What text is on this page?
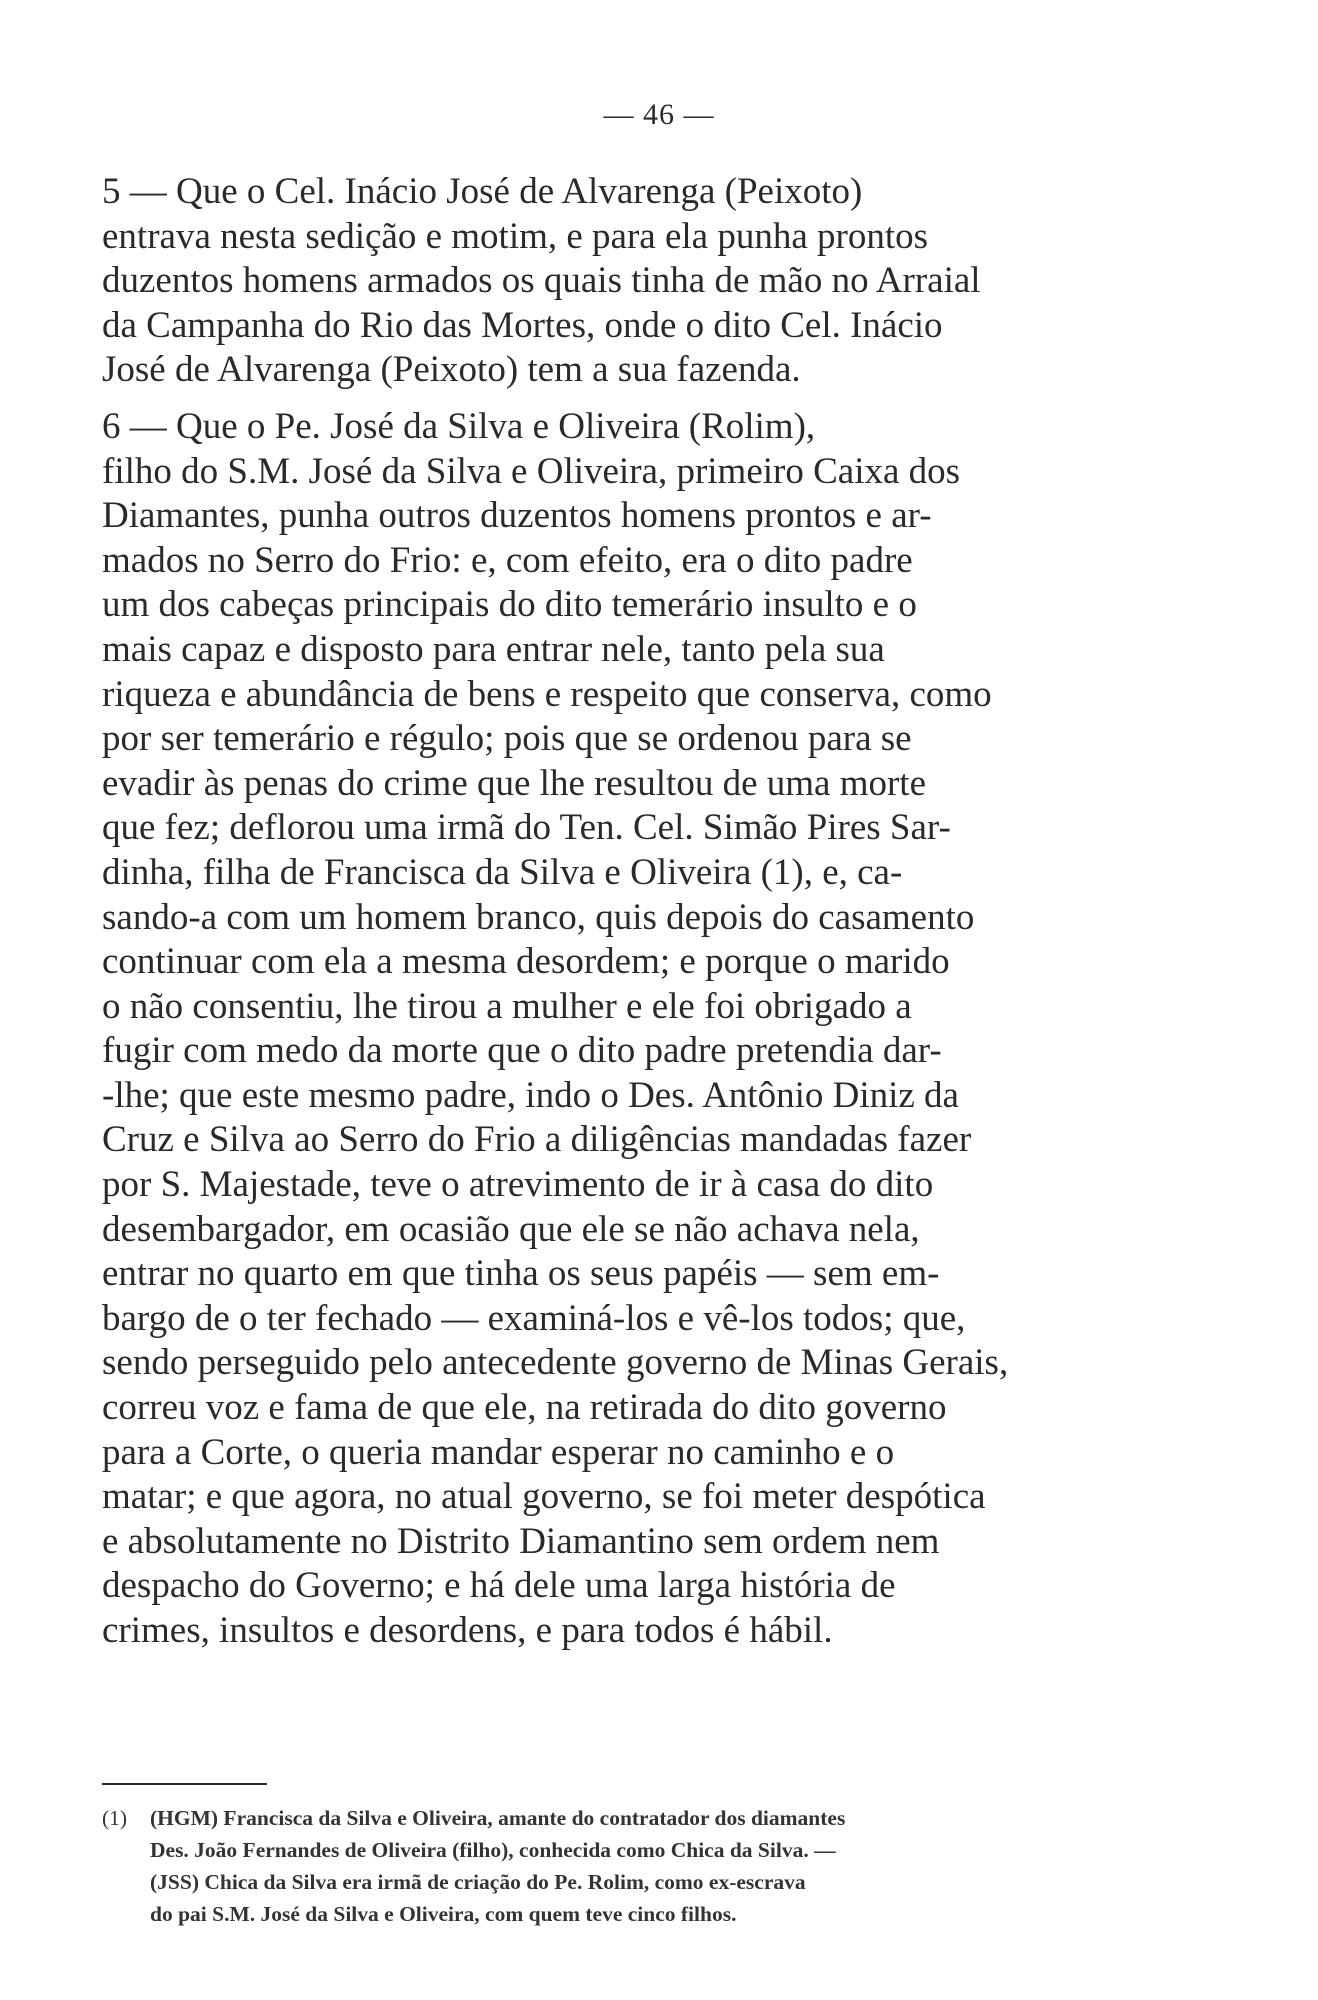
— 46 —
5 — Que o Cel. Inácio José de Alvarenga (Peixoto)
entrava nesta sedição e motim, e para ela punha prontos
duzentos homens armados os quais tinha de mão no Arraial
da Campanha do Rio das Mortes, onde o dito Cel. Inácio
José de Alvarenga (Peixoto) tem a sua fazenda.
6 — Que o Pe. José da Silva e Oliveira (Rolim),
filho do S.M. José da Silva e Oliveira, primeiro Caixa dos
Diamantes, punha outros duzentos homens prontos e ar-
mados no Serro do Frio: e, com efeito, era o dito padre
um dos cabeças principais do dito temerário insulto e o
mais capaz e disposto para entrar nele, tanto pela sua
riqueza e abundância de bens e respeito que conserva, como
por ser temerário e régulo; pois que se ordenou para se
evadir às penas do crime que lhe resultou de uma morte
que fez; deflorou uma irmã do Ten. Cel. Simão Pires Sar-
dinha, filha de Francisca da Silva e Oliveira (1), e, ca-
sando-a com um homem branco, quis depois do casamento
continuar com ela a mesma desordem; e porque o marido
o não consentiu, lhe tirou a mulher e ele foi obrigado a
fugir com medo da morte que o dito padre pretendia dar-
-lhe; que este mesmo padre, indo o Des. Antônio Diniz da
Cruz e Silva ao Serro do Frio a diligências mandadas fazer
por S. Majestade, teve o atrevimento de ir à casa do dito
desembargador, em ocasião que ele se não achava nela,
entrar no quarto em que tinha os seus papéis — sem em-
bargo de o ter fechado — examiná-los e vê-los todos; que,
sendo perseguido pelo antecedente governo de Minas Gerais,
correu voz e fama de que ele, na retirada do dito governo
para a Corte, o queria mandar esperar no caminho e o
matar; e que agora, no atual governo, se foi meter despótica
e absolutamente no Distrito Diamantino sem ordem nem
despacho do Governo; e há dele uma larga história de
crimes, insultos e desordens, e para todos é hábil.
(1) (HGM) Francisca da Silva e Oliveira, amante do contratador dos diamantes
Des. João Fernandes de Oliveira (filho), conhecida como Chica da Silva. —
(JSS) Chica da Silva era irmã de criação do Pe. Rolim, como ex-escrava
do pai S.M. José da Silva e Oliveira, com quem teve cinco filhos.
